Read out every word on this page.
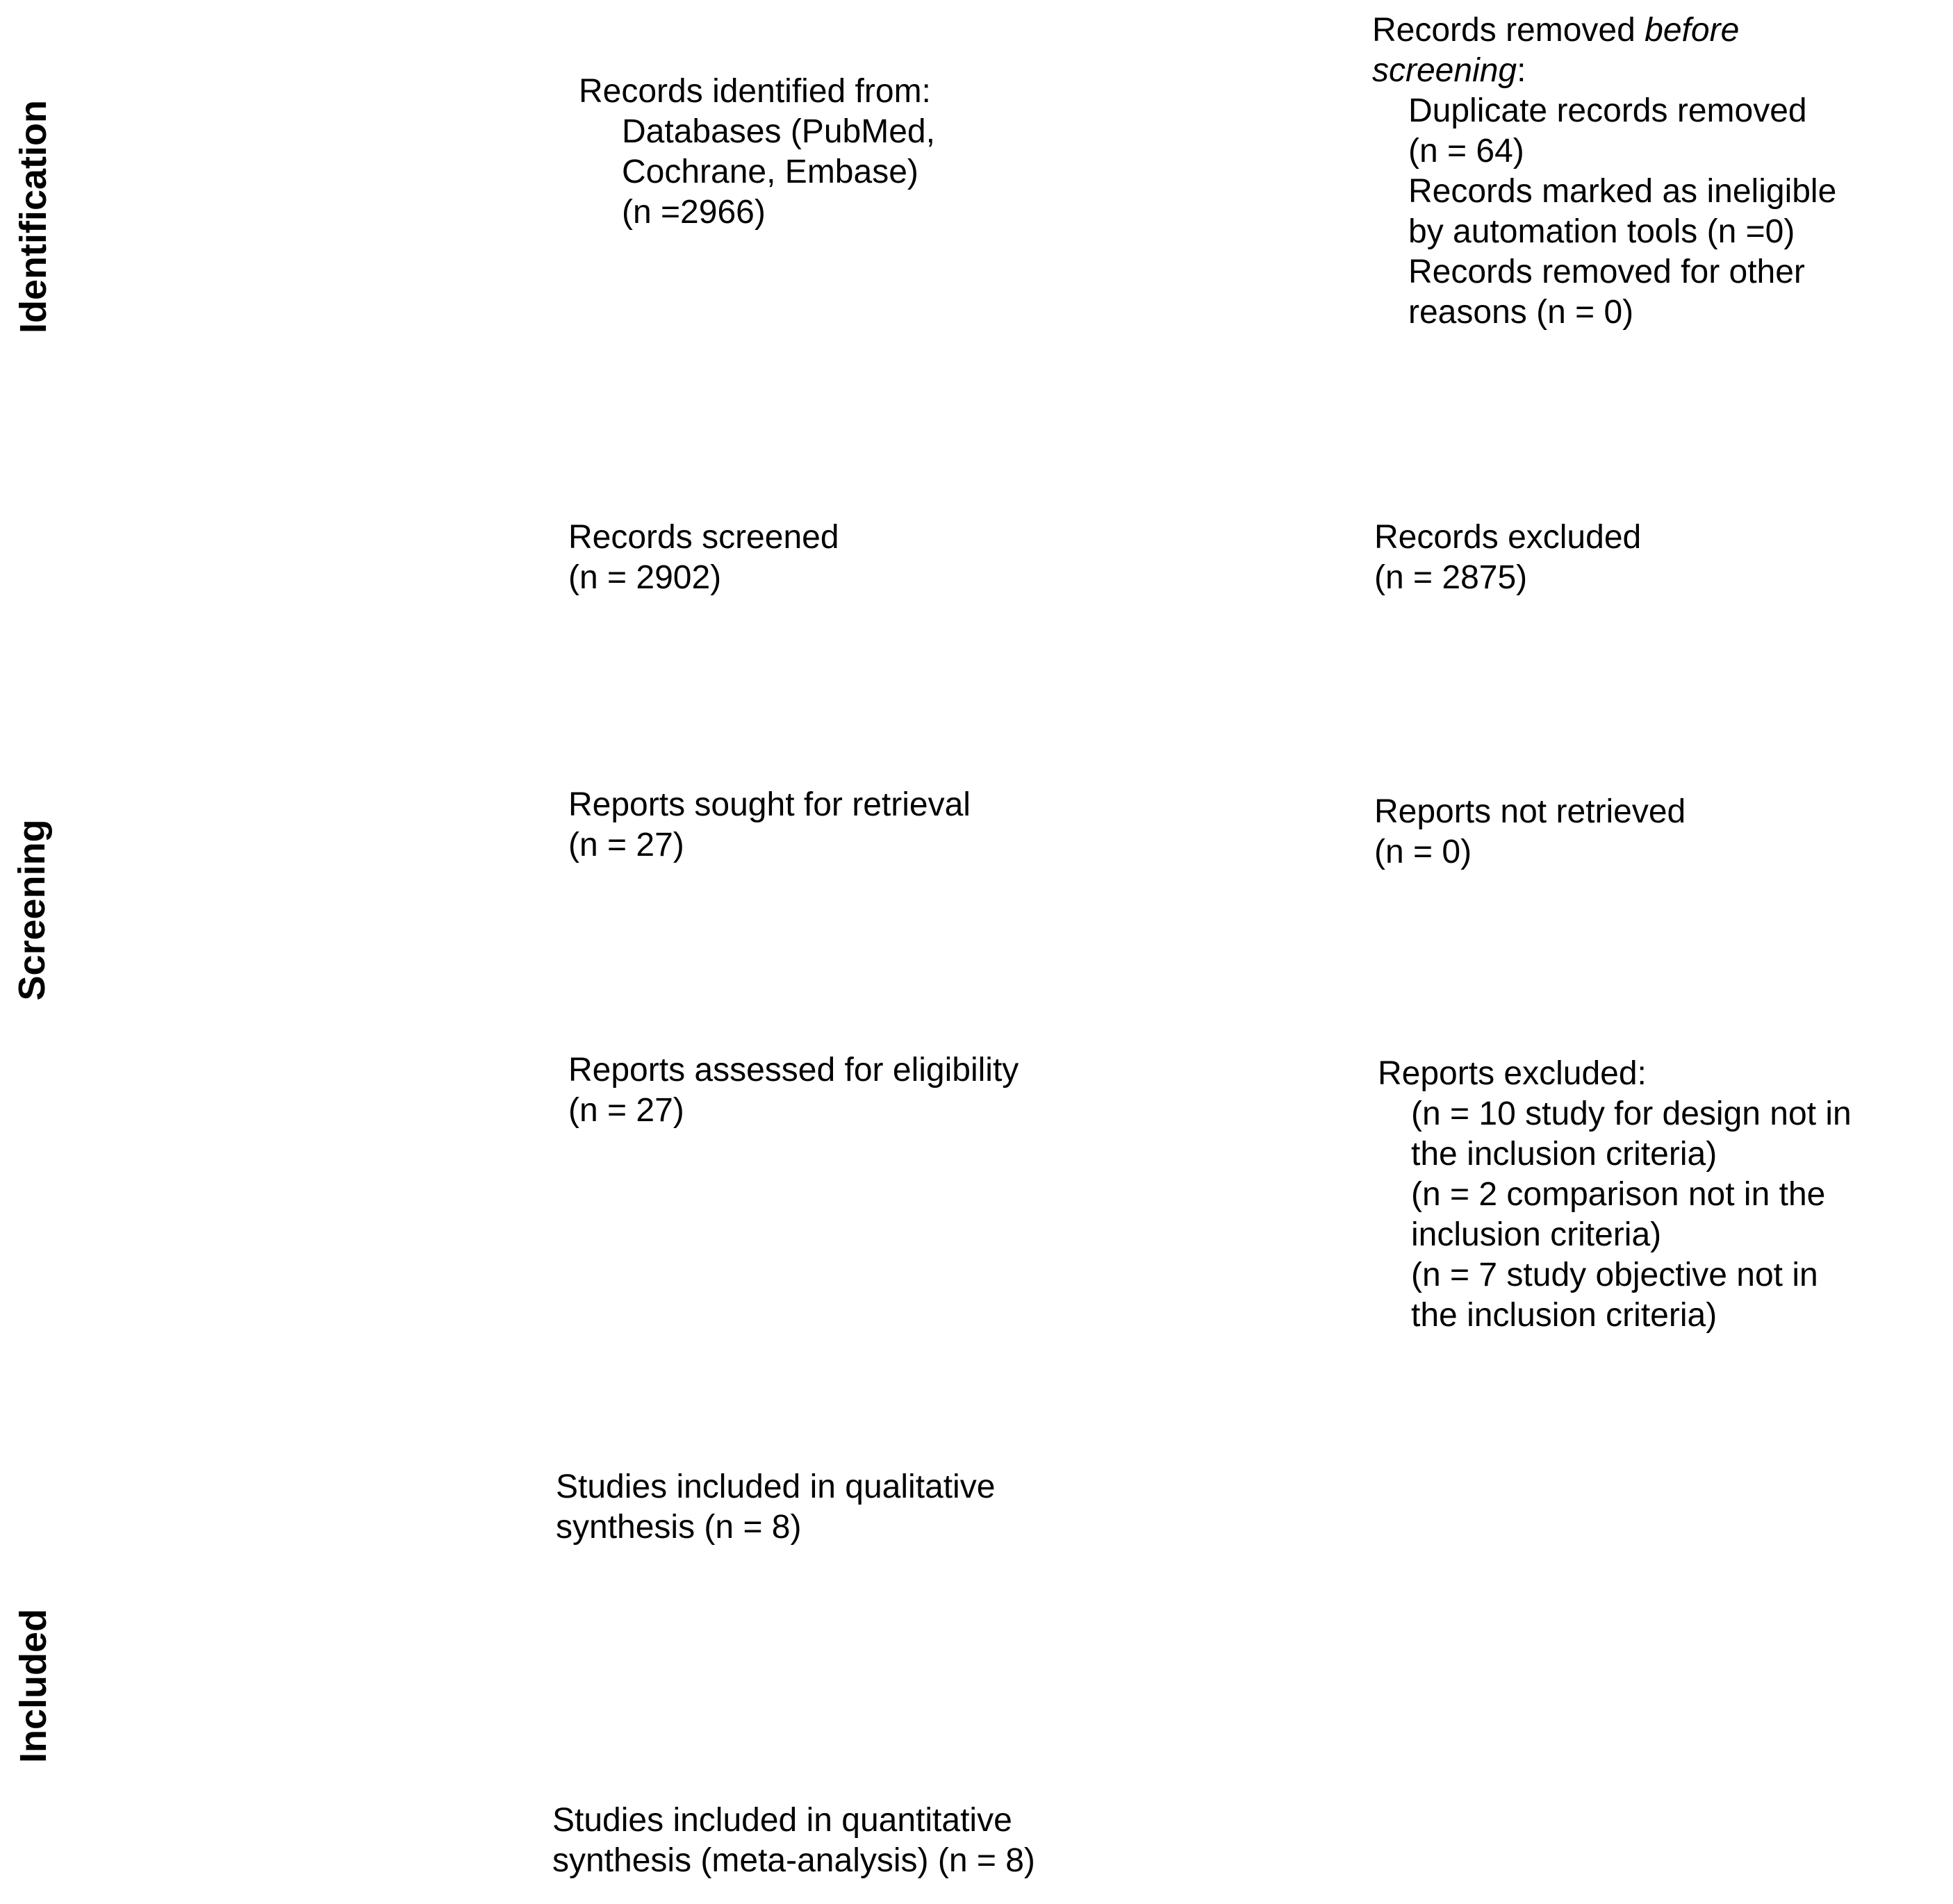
Identification
Screening
Included
Records identified from:
Databases (PubMed,
Cochrane, Embase)
(n =2966)
Records screened
(n = 2902)
Reports sought for retrieval
(n = 27)
Reports assessed for eligibility
(n = 27)
Studies included in qualitative
synthesis (n = 8)
Studies included in quantitative
synthesis (meta-analysis) (n = 8)
Records removed before
screening:
Duplicate records removed
(n = 64)
Records marked as ineligible
by automation tools (n =0)
Records removed for other
reasons (n = 0)
Records excluded
(n = 2875)
Reports not retrieved
(n = 0)
Reports excluded:
(n = 10 study for design not in
the inclusion criteria)
(n = 2 comparison not in the
inclusion criteria)
(n = 7 study objective not in
the inclusion criteria)
